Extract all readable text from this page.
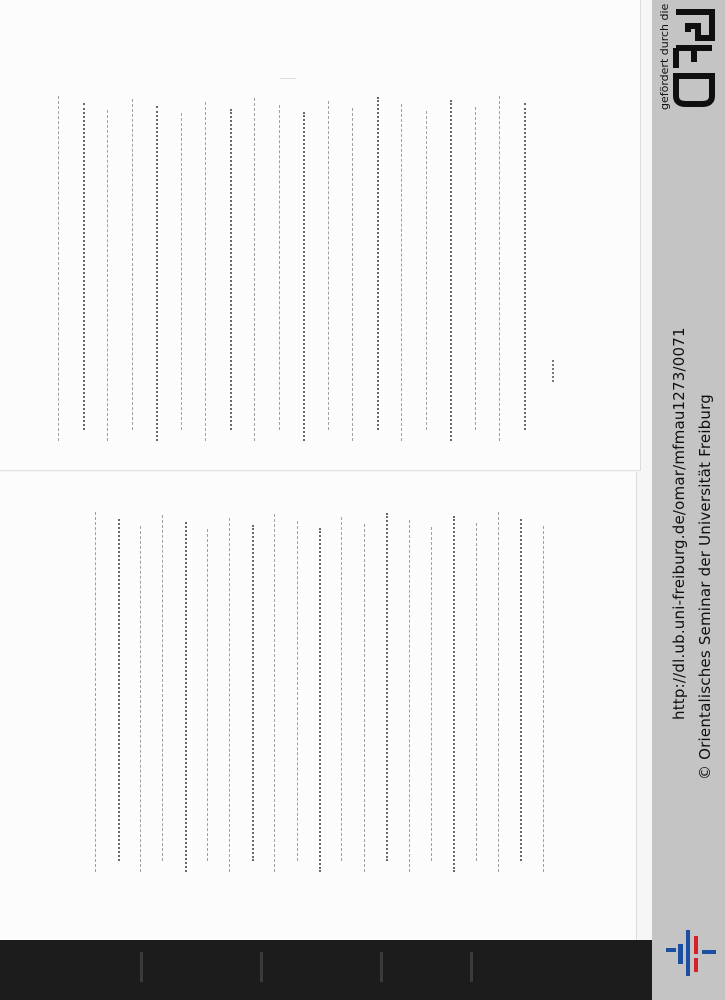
gefördert durch die	DFG
http://dl.ub.uni-freiburg.de/omar/mfmau1273/0071 © Orientalisches Seminar der Universität Freiburg
